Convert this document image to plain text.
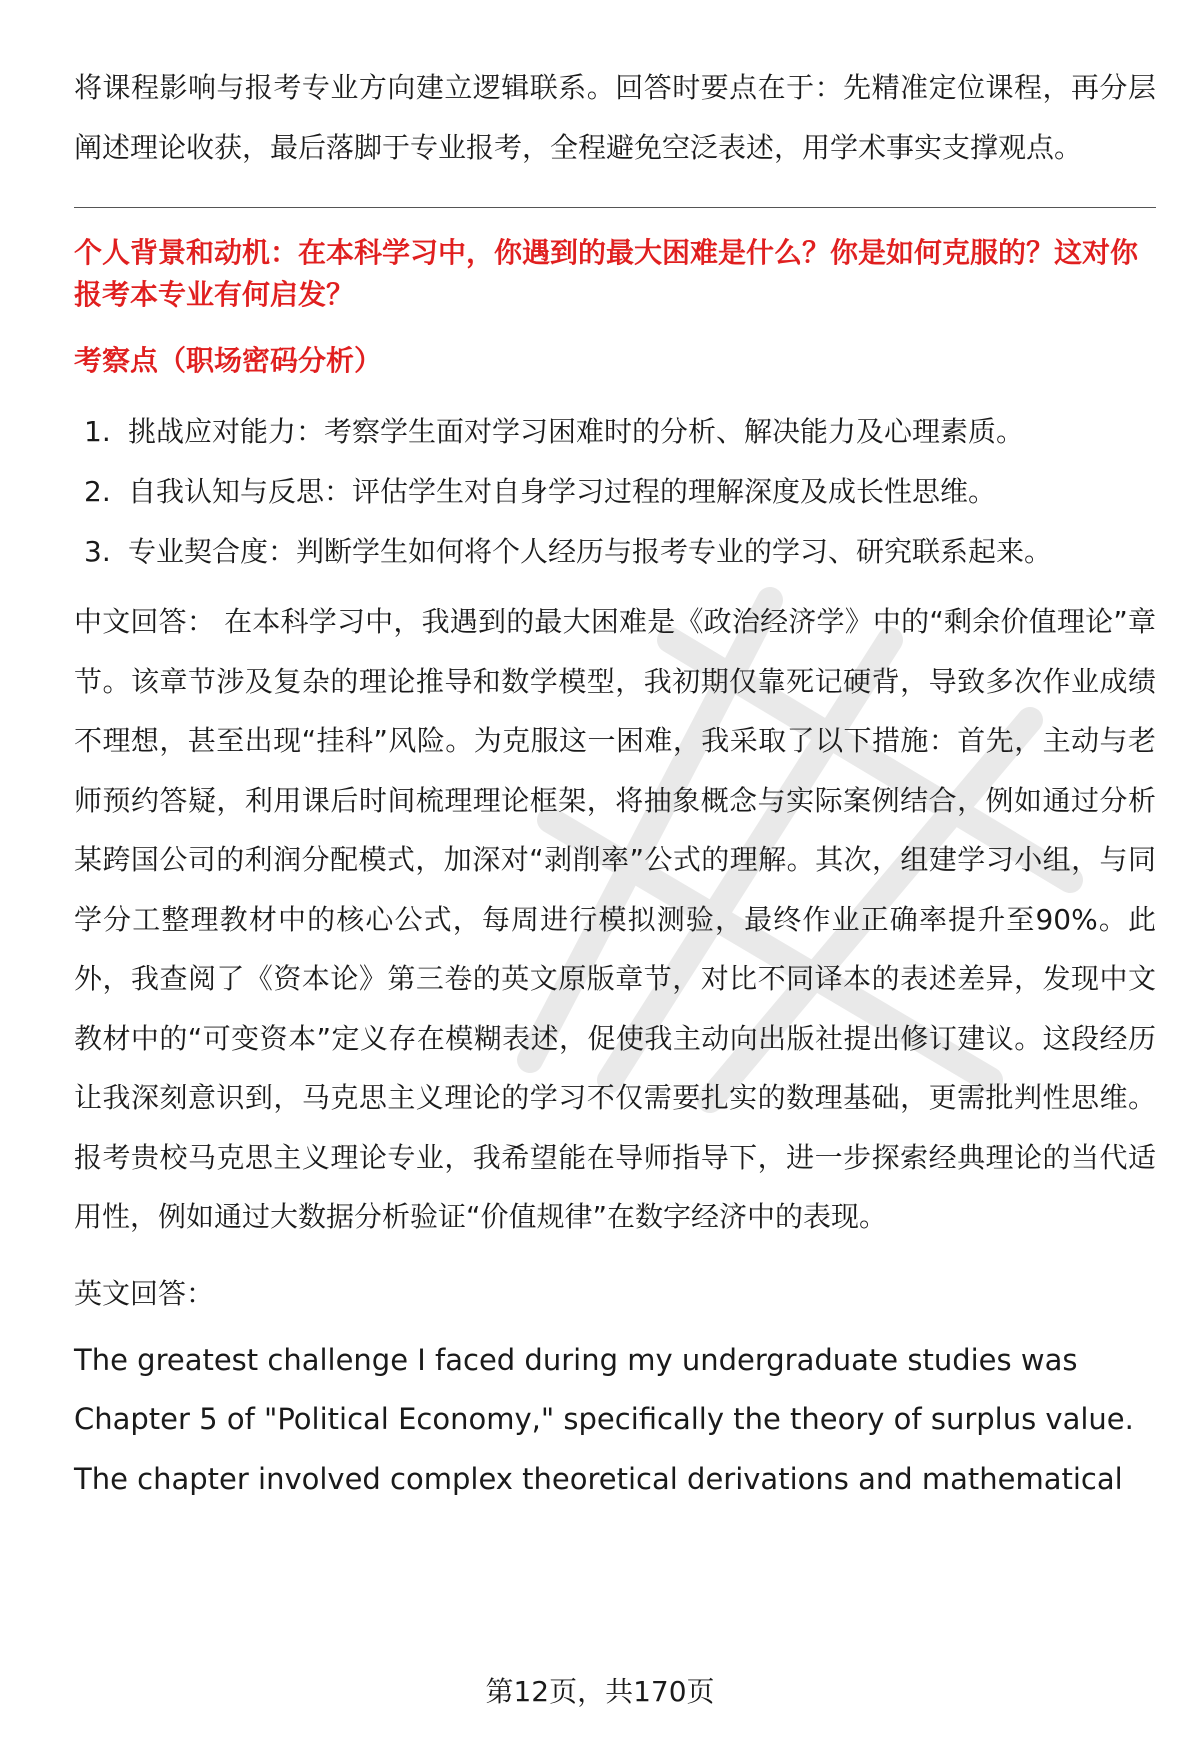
将课程影响与报考专业方向建立逻辑联系。回答时要点在于：先精准定位课程，再分层阐述理论收获，最后落脚于专业报考，全程避免空泛表述，用学术事实支撑观点。

个人背景和动机：在本科学习中，你遇到的最大困难是什么？你是如何克服的？这对你报考本专业有何启发？

考察点（职场密码分析）

1. 挑战应对能力：考察学生面对学习困难时的分析、解决能力及心理素质。
2. 自我认知与反思：评估学生对自身学习过程的理解深度及成长性思维。
3. 专业契合度：判断学生如何将个人经历与报考专业的学习、研究联系起来。

中文回答： 在本科学习中，我遇到的最大困难是《政治经济学》中的“剩余价值理论”章节。该章节涉及复杂的理论推导和数学模型，我初期仅靠死记硬背，导致多次作业成绩不理想，甚至出现“挂科”风险。为克服这一困难，我采取了以下措施：首先，主动与老师预约答疑，利用课后时间梳理理论框架，将抽象概念与实际案例结合，例如通过分析某跨国公司的利润分配模式，加深对“剥削率”公式的理解。其次，组建学习小组，与同学分工整理教材中的核心公式，每周进行模拟测验，最终作业正确率提升至90%。此外，我查阅了《资本论》第三卷的英文原版章节，对比不同译本的表述差异，发现中文教材中的“可变资本”定义存在模糊表述，促使我主动向出版社提出修订建议。这段经历让我深刻意识到，马克思主义理论的学习不仅需要扎实的数理基础，更需批判性思维。报考贵校马克思主义理论专业，我希望能在导师指导下，进一步探索经典理论的当代适用性，例如通过大数据分析验证“价值规律”在数字经济中的表现。

英文回答：

The greatest challenge I faced during my undergraduate studies was

Chapter 5 of "Political Economy," specifically the theory of surplus value.

The chapter involved complex theoretical derivations and mathematical

第12页，共170页
